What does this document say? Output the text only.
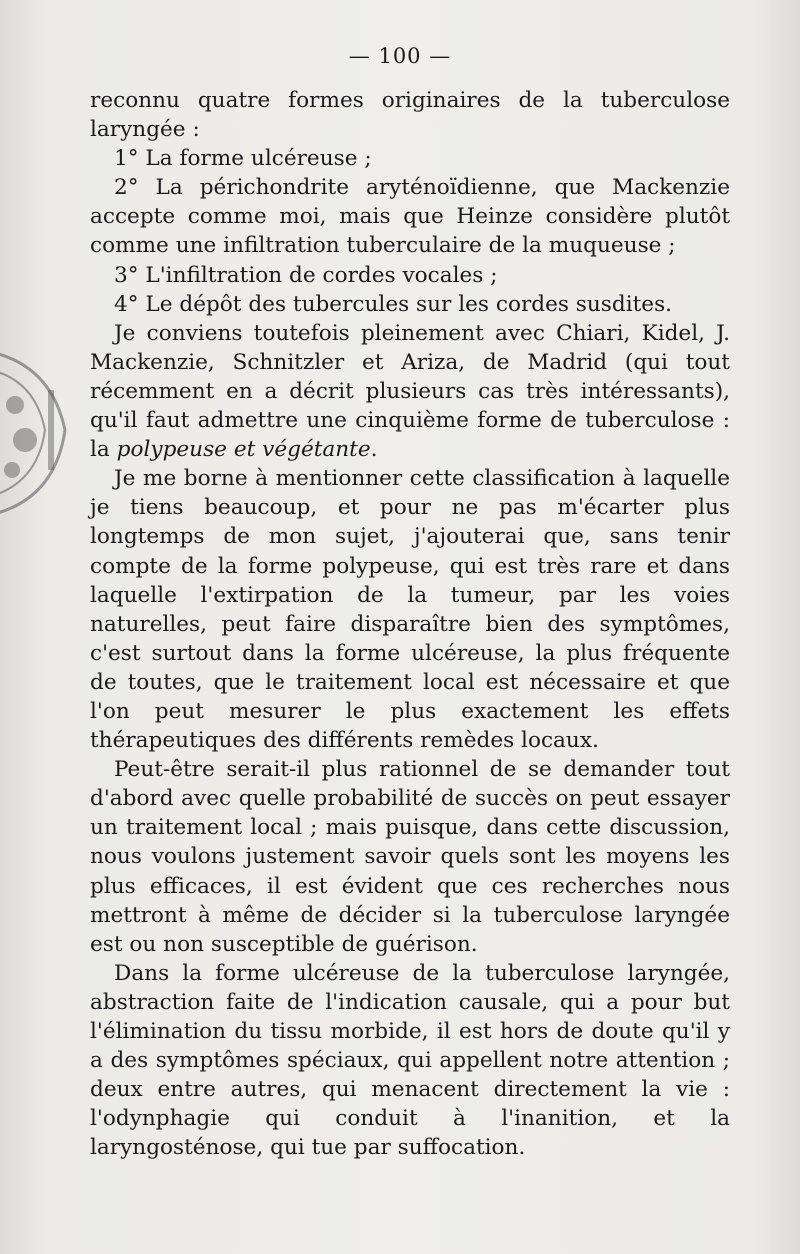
— 100 —

reconnu quatre formes originaires de la tuberculose laryngée :

1° La forme ulcéreuse ;

2° La périchondrite aryténoïdienne, que Mackenzie accepte comme moi, mais que Heinze considère plutôt comme une infiltration tuberculaire de la muqueuse ;

3° L'infiltration de cordes vocales ;

4° Le dépôt des tubercules sur les cordes susdites.

Je conviens toutefois pleinement avec Chiari, Kidel, J. Mackenzie, Schnitzler et Ariza, de Madrid (qui tout récemment en a décrit plusieurs cas très intéressants), qu'il faut admettre une cinquième forme de tuberculose : la polypeuse et végétante.

Je me borne à mentionner cette classification à laquelle je tiens beaucoup, et pour ne pas m'écarter plus longtemps de mon sujet, j'ajouterai que, sans tenir compte de la forme polypeuse, qui est très rare et dans laquelle l'extirpation de la tumeur, par les voies naturelles, peut faire disparaître bien des symptômes, c'est surtout dans la forme ulcéreuse, la plus fréquente de toutes, que le traitement local est nécessaire et que l'on peut mesurer le plus exactement les effets thérapeutiques des différents remèdes locaux.

Peut-être serait-il plus rationnel de se demander tout d'abord avec quelle probabilité de succès on peut essayer un traitement local ; mais puisque, dans cette discussion, nous voulons justement savoir quels sont les moyens les plus efficaces, il est évident que ces recherches nous mettront à même de décider si la tuberculose laryngée est ou non susceptible de guérison.

Dans la forme ulcéreuse de la tuberculose laryngée, abstraction faite de l'indication causale, qui a pour but l'élimination du tissu morbide, il est hors de doute qu'il y a des symptômes spéciaux, qui appellent notre attention ; deux entre autres, qui menacent directement la vie : l'odynphagie qui conduit à l'inanition, et la laryngosténose, qui tue par suffocation.
